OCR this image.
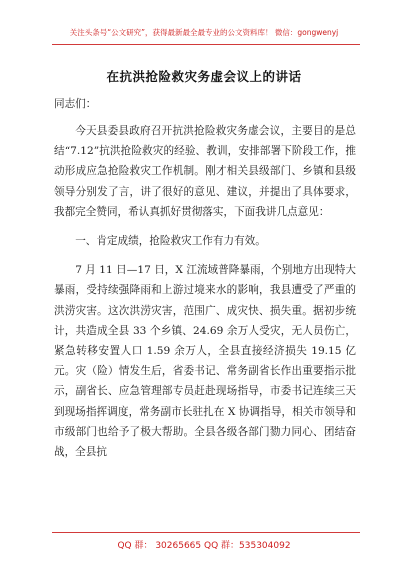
关注头条号“公文研究”，获得最新最全最专业的公文资料库！ 微信：gongwenyj
在抗洪抢险救灾务虚会议上的讲话

同志们：

今天县委县政府召开抗洪抢险救灾务虚会议，主要目的是总结“7.12”抗洪抢险救灾的经验、教训，安排部署下阶段工作，推动形成应急抢险救灾工作机制。刚才相关县级部门、乡镇和县级领导分别发了言，讲了很好的意见、建议，并提出了具体要求，我都完全赞同，希认真抓好贯彻落实，下面我讲几点意见：

一、肯定成绩，抢险救灾工作有力有效。

7 月 11 日—17 日，X 江流域普降暴雨，个别地方出现特大暴雨，受持续强降雨和上游过境来水的影响，我县遭受了严重的洪涝灾害。这次洪涝灾害，范围广、成灾快、损失重。据初步统计，共造成全县 33 个乡镇、24.69 余万人受灾，无人员伤亡，紧急转移安置人口 1.59 余万人，全县直接经济损失 19.15 亿元。灾（险）情发生后，省委书记、常务副省长作出重要指示批示，副省长、应急管理部专员赶赴现场指导，市委书记连续三天到现场指挥调度，常务副市长驻扎在 X 协调指导，相关市领导和市级部门也给予了极大帮助。全县各级各部门勠力同心、团结奋战，全县抗

QQ 群： 30265665 QQ 群：535304092
